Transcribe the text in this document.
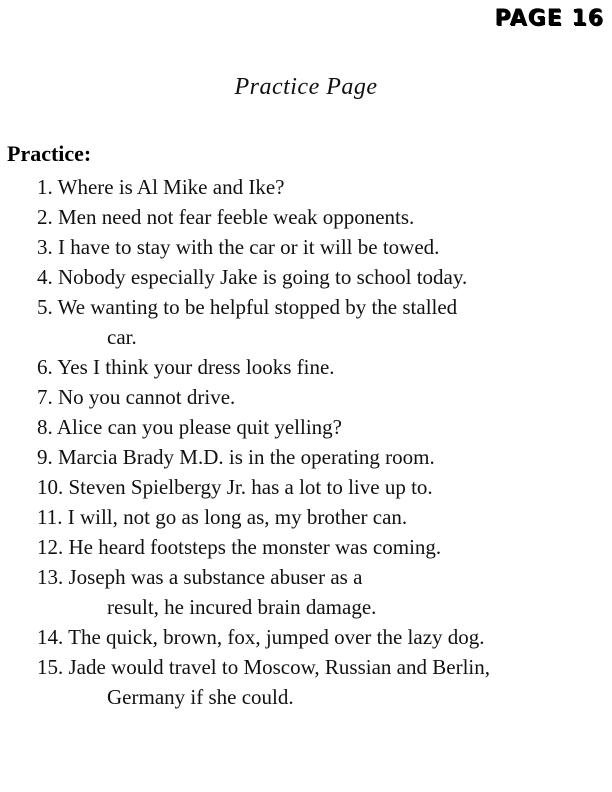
PAGE 16
Practice Page
Practice:
1. Where is Al Mike and Ike?
2. Men need not fear feeble weak opponents.
3. I have to stay with the car or it will be towed.
4. Nobody especially Jake is going to school today.
5. We wanting to be helpful stopped by the stalled
car.
6. Yes I think your dress looks fine.
7. No you cannot drive.
8. Alice can you please quit yelling?
9. Marcia Brady M.D. is in the operating room.
10. Steven Spielbergy Jr. has a lot to live up to.
11. I will, not go as long as, my brother can.
12. He heard footsteps the monster was coming.
13. Joseph was a substance abuser as a
result, he incured brain damage.
14. The quick, brown, fox, jumped over the lazy dog.
15. Jade would travel to Moscow, Russian and Berlin,
Germany if she could.
